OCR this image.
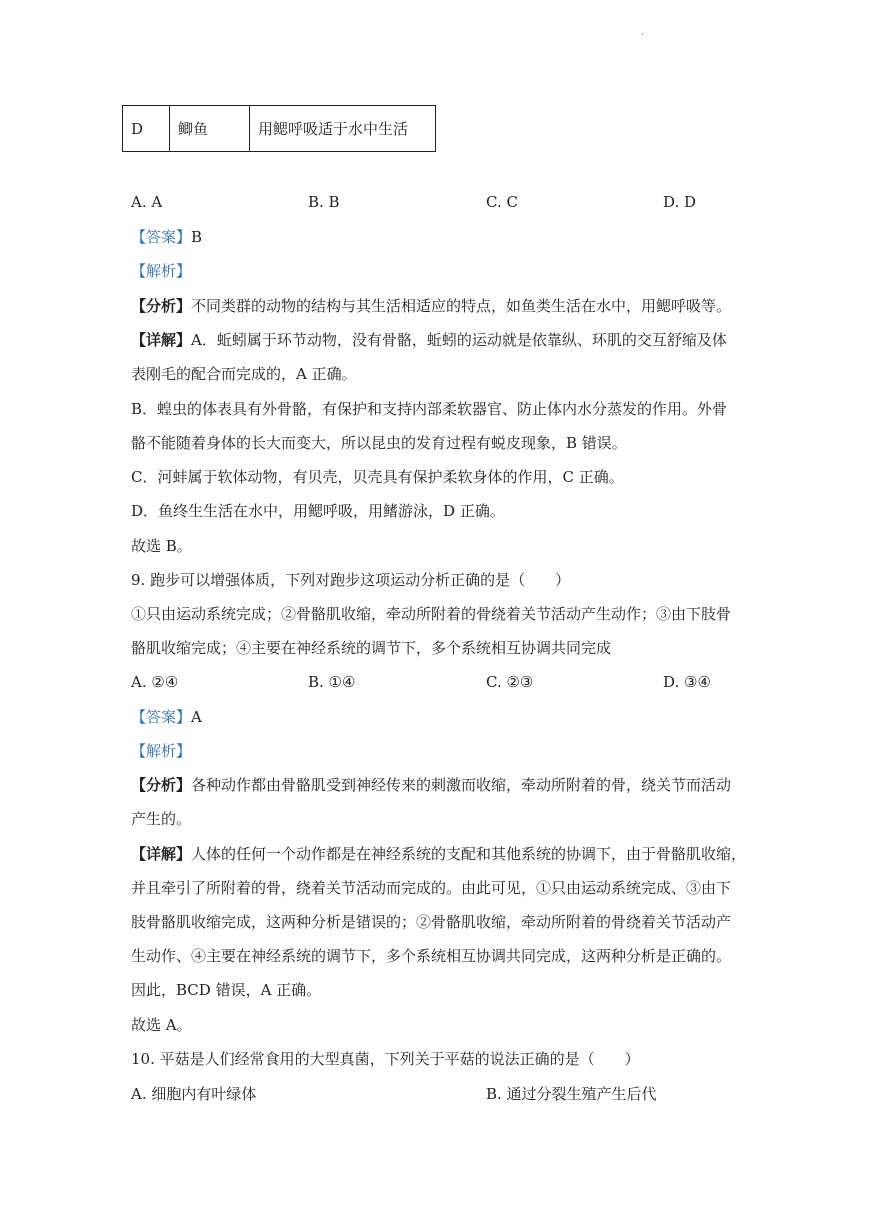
·
D	鲫鱼	用鳃呼吸适于水中生活
A. A	B. B	C. C	D. D
【答案】B
【解析】
【分析】不同类群的动物的结构与其生活相适应的特点，如鱼类生活在水中，用鳃呼吸等。
【详解】A．蚯蚓属于环节动物，没有骨骼，蚯蚓的运动就是依靠纵、环肌的交互舒缩及体
表刚毛的配合而完成的，A 正确。
B．蝗虫的体表具有外骨骼，有保护和支持内部柔软器官、防止体内水分蒸发的作用。外骨
骼不能随着身体的长大而变大，所以昆虫的发育过程有蜕皮现象，B 错误。
C．河蚌属于软体动物，有贝壳，贝壳具有保护柔软身体的作用，C 正确。
D．鱼终生生活在水中，用鳃呼吸，用鳍游泳，D 正确。
故选 B。
9. 跑步可以增强体质，下列对跑步这项运动分析正确的是（　　）
①只由运动系统完成；②骨骼肌收缩，牵动所附着的骨绕着关节活动产生动作；③由下肢骨
骼肌收缩完成；④主要在神经系统的调节下，多个系统相互协调共同完成
A. ②④	B. ①④	C. ②③	D. ③④
【答案】A
【解析】
【分析】各种动作都由骨骼肌受到神经传来的刺激而收缩，牵动所附着的骨，绕关节而活动
产生的。
【详解】人体的任何一个动作都是在神经系统的支配和其他系统的协调下，由于骨骼肌收缩，
并且牵引了所附着的骨，绕着关节活动而完成的。由此可见，①只由运动系统完成、③由下
肢骨骼肌收缩完成，这两种分析是错误的；②骨骼肌收缩，牵动所附着的骨绕着关节活动产
生动作、④主要在神经系统的调节下，多个系统相互协调共同完成，这两种分析是正确的。
因此，BCD 错误，A 正确。
故选 A。
10. 平菇是人们经常食用的大型真菌，下列关于平菇的说法正确的是（　　）
A. 细胞内有叶绿体	B. 通过分裂生殖产生后代
